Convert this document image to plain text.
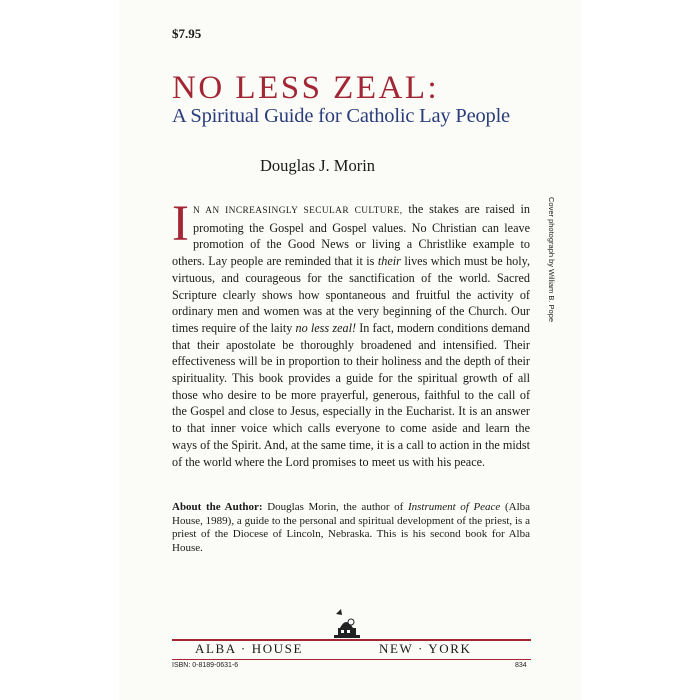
$7.95
NO LESS ZEAL:
A Spiritual Guide for Catholic Lay People
Douglas J. Morin
IN AN INCREASINGLY SECULAR CULTURE, the stakes are raised in promoting the Gospel and Gospel values. No Christian can leave promotion of the Good News or living a Christlike example to others. Lay people are reminded that it is their lives which must be holy, virtuous, and courageous for the sanctification of the world. Sacred Scripture clearly shows how spontaneous and fruitful the activity of ordinary men and women was at the very beginning of the Church. Our times require of the laity no less zeal! In fact, modern conditions demand that their apostolate be thoroughly broadened and intensified. Their effectiveness will be in proportion to their holiness and the depth of their spirituality. This book provides a guide for the spiritual growth of all those who desire to be more prayerful, generous, faithful to the call of the Gospel and close to Jesus, especially in the Eucharist. It is an answer to that inner voice which calls everyone to come aside and learn the ways of the Spirit. And, at the same time, it is a call to action in the midst of the world where the Lord promises to meet us with his peace.
About the Author: Douglas Morin, the author of Instrument of Peace (Alba House, 1989), a guide to the personal and spiritual development of the priest, is a priest of the Diocese of Lincoln, Nebraska. This is his second book for Alba House.
Cover photograph by William B. Pope
ALBA · HOUSE	NEW · YORK
ISBN: 0-8189-0631-6	834
